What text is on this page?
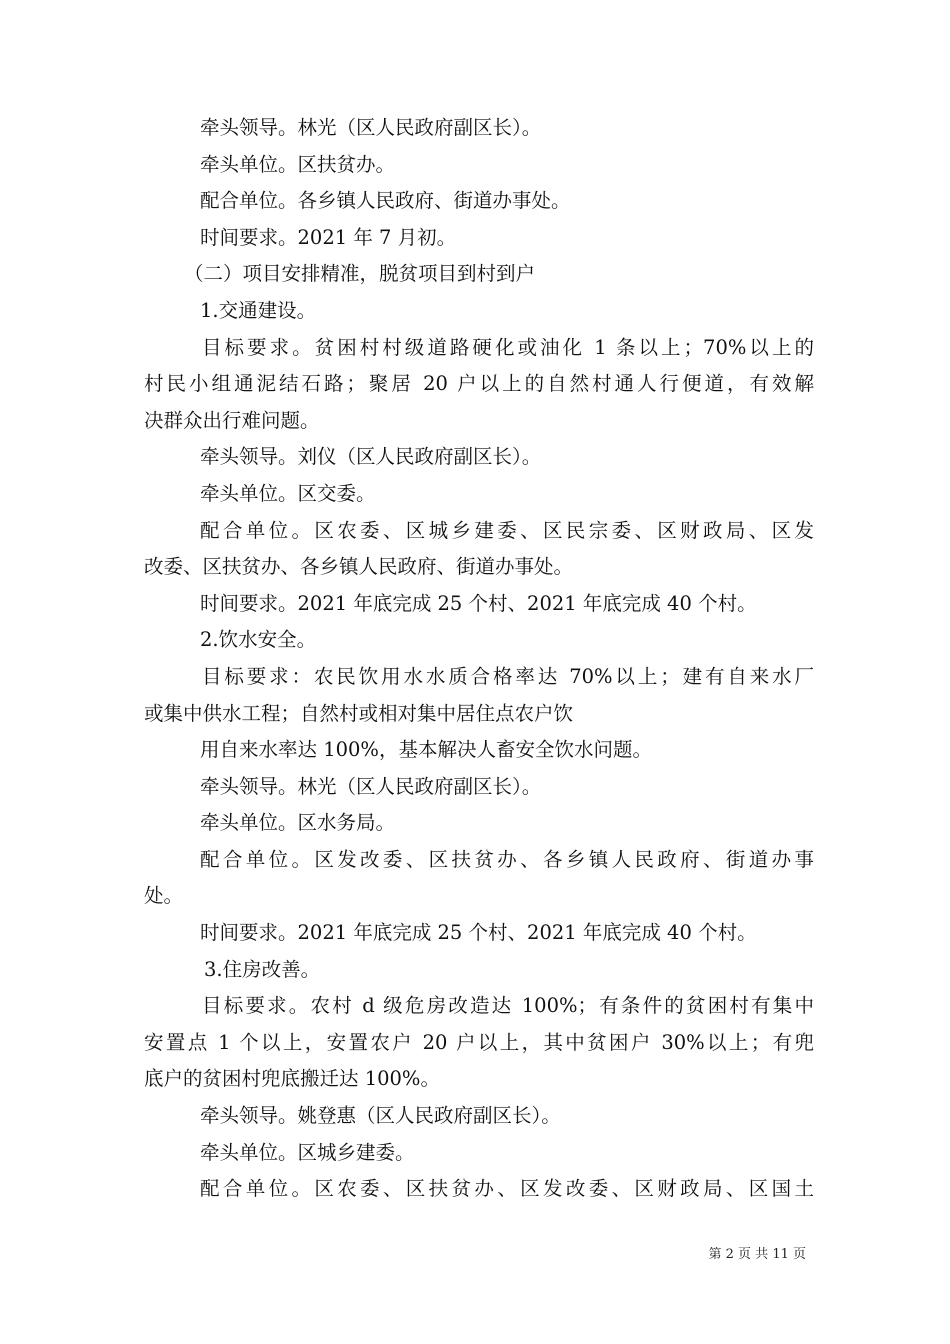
牵头领导。林光（区人民政府副区长）。
牵头单位。区扶贫办。
配合单位。各乡镇人民政府、街道办事处。
时间要求。2021 年 7 月初。
（二）项目安排精准，脱贫项目到村到户
1.交通建设。
目标要求。贫困村村级道路硬化或油化 1 条以上；70%以上的
村民小组通泥结石路；聚居 20 户以上的自然村通人行便道，有效解
决群众出行难问题。
牵头领导。刘仪（区人民政府副区长）。
牵头单位。区交委。
配合单位。区农委、区城乡建委、区民宗委、区财政局、区发
改委、区扶贫办、各乡镇人民政府、街道办事处。
时间要求。2021 年底完成 25 个村、2021 年底完成 40 个村。
2.饮水安全。
目标要求：农民饮用水水质合格率达 70%以上；建有自来水厂
或集中供水工程；自然村或相对集中居住点农户饮
用自来水率达 100%，基本解决人畜安全饮水问题。
牵头领导。林光（区人民政府副区长）。
牵头单位。区水务局。
配合单位。区发改委、区扶贫办、各乡镇人民政府、街道办事
处。
时间要求。2021 年底完成 25 个村、2021 年底完成 40 个村。
3.住房改善。
目标要求。农村 d 级危房改造达 100%；有条件的贫困村有集中
安置点 1 个以上，安置农户 20 户以上，其中贫困户 30%以上；有兜
底户的贫困村兜底搬迁达 100%。
牵头领导。姚登惠（区人民政府副区长）。
牵头单位。区城乡建委。
配合单位。区农委、区扶贫办、区发改委、区财政局、区国土
第 2 页 共 11 页
